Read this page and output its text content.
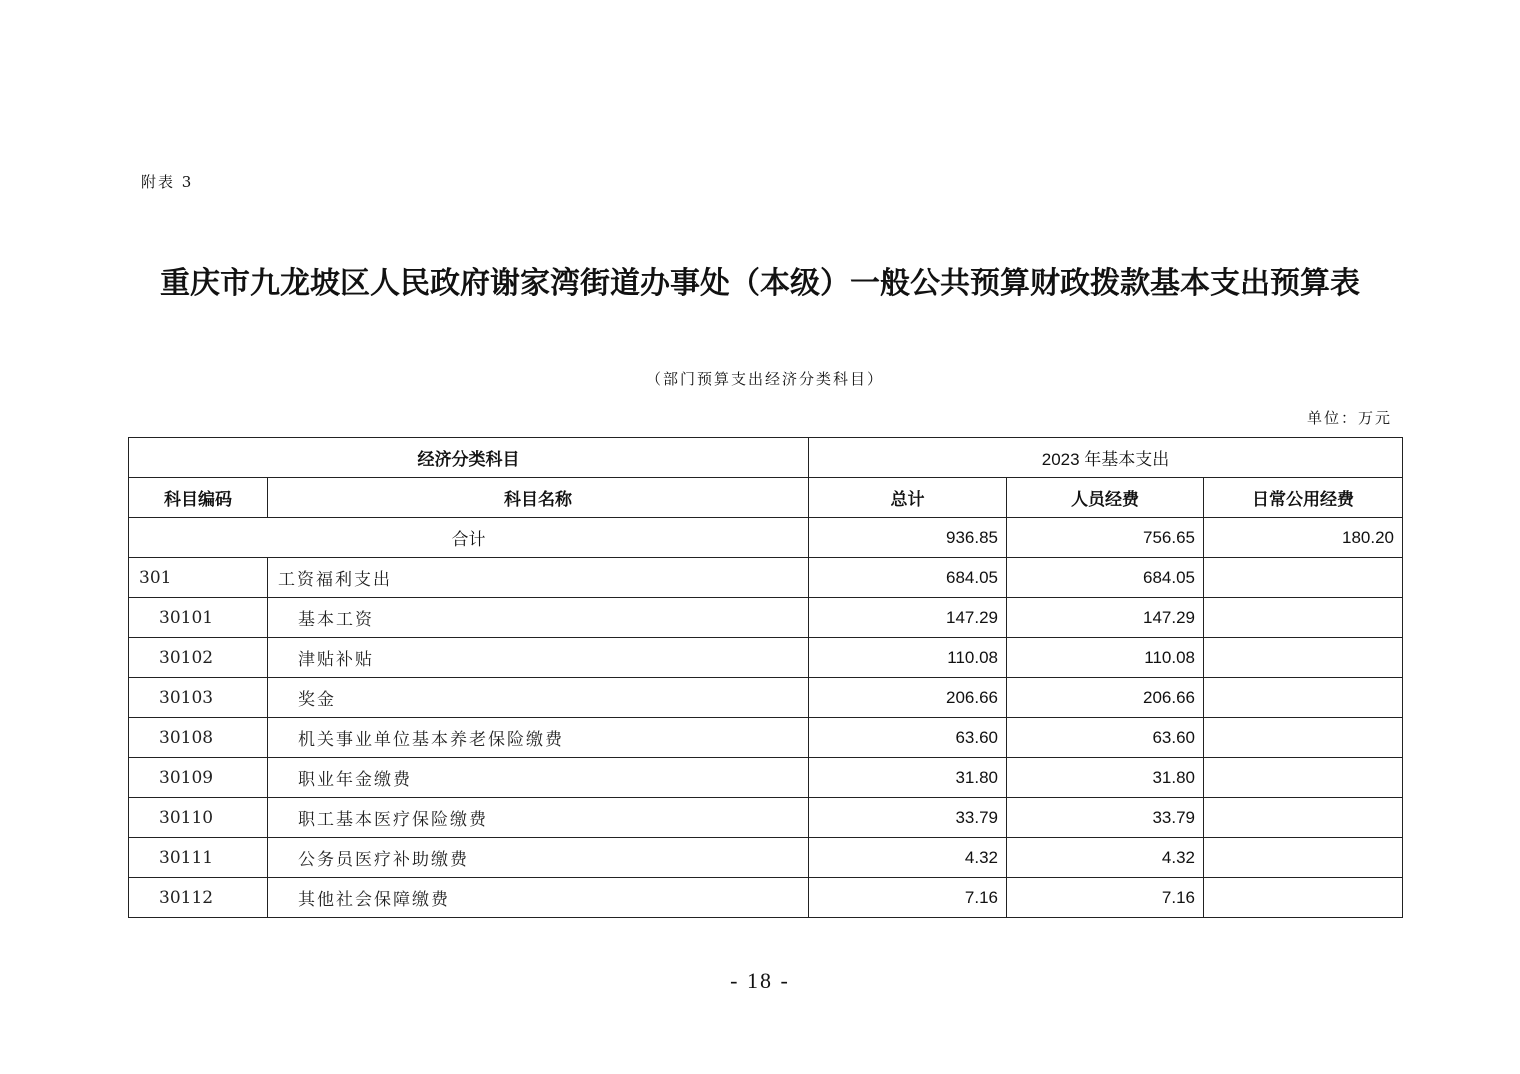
附表 3
重庆市九龙坡区人民政府谢家湾街道办事处（本级）一般公共预算财政拨款基本支出预算表
（部门预算支出经济分类科目）
单位：万元
经济分类科目		2023 年基本支出		
科目编码	科目名称	总计	人员经费	日常公用经费
合计		936.85	756.65	180.20
301	工资福利支出	684.05	684.05	
30101	基本工资	147.29	147.29	
30102	津贴补贴	110.08	110.08	
30103	奖金	206.66	206.66	
30108	机关事业单位基本养老保险缴费	63.60	63.60	
30109	职业年金缴费	31.80	31.80	
30110	职工基本医疗保险缴费	33.79	33.79	
30111	公务员医疗补助缴费	4.32	4.32	
30112	其他社会保障缴费	7.16	7.16	
- 18 -
